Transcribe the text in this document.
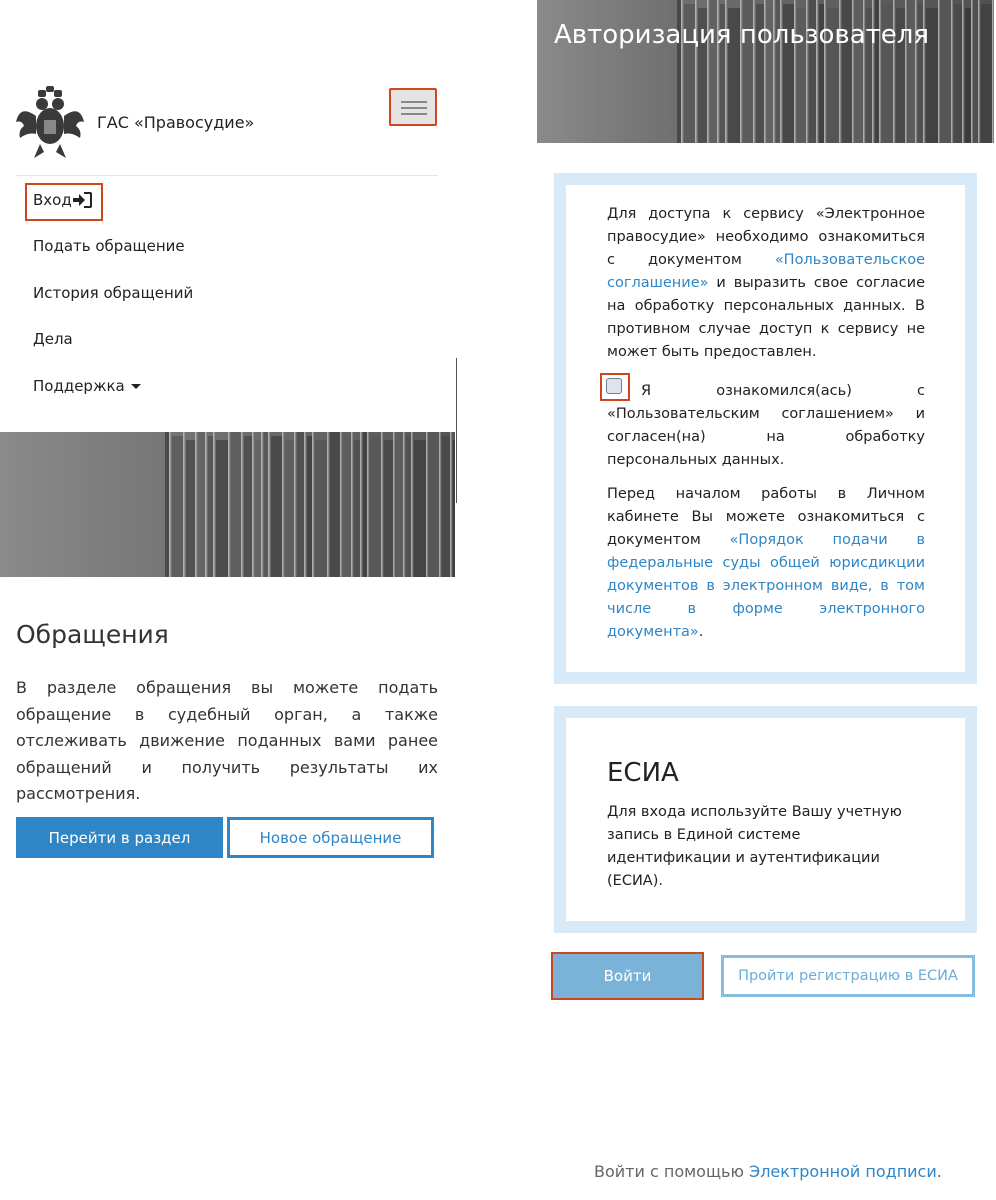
ГАС «Правосудие»
Вход
Подать обращение
История обращений
Дела
Поддержка
Обращения
В разделе обращения вы можете подать обращение в судебный орган, а также отслеживать движение поданных вами ранее обращений и получить результаты их рассмотрения.
Перейти в раздел	Новое обращение
Авторизация пользователя
Для доступа к сервису «Электронное правосудие» необходимо ознакомиться с документом «Пользовательское соглашение» и выразить свое согласие на обработку персональных данных. В противном случае доступ к сервису не может быть предоставлен.
Я ознакомился(ась) с «Пользовательским соглашением» и согласен(на) на обработку персональных данных.
Перед началом работы в Личном кабинете Вы можете ознакомиться с документом «Порядок подачи в федеральные суды общей юрисдикции документов в электронном виде, в том числе в форме электронного документа».
ЕСИА
Для входа используйте Вашу учетную запись в Единой системе идентификации и аутентификации (ЕСИА).
Войти	Пройти регистрацию в ЕСИА
Войти с помощью Электронной подписи.
